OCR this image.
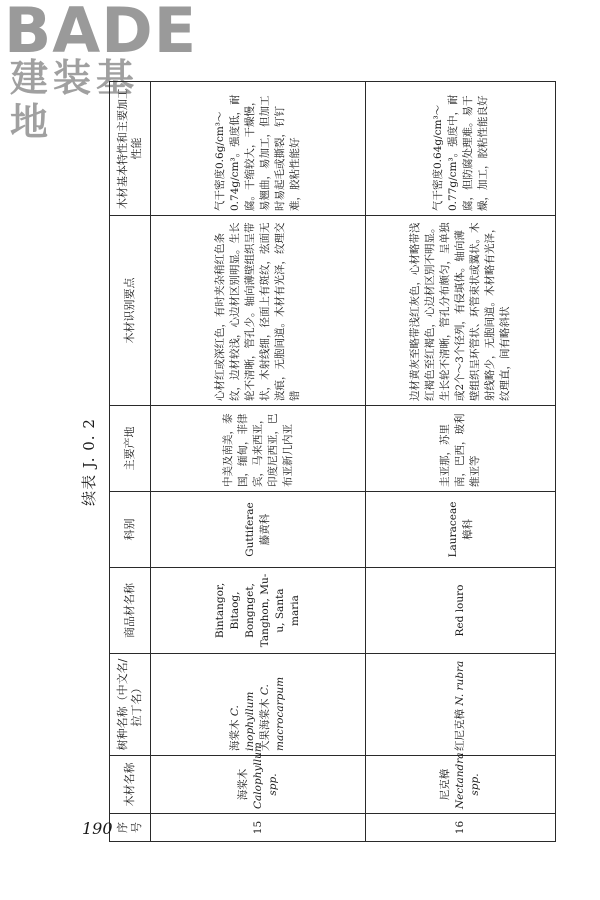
BADE
建装基地
续表 J. 0. 2
序号	木材名称	树种名称（中文名/拉丁名）	商品材名称	科别	主要产地	木材识别要点	木材基本特性和主要加工性能
15	海棠木 Calophyllum spp.	海棠木 C. inophyllum 大果海棠木 C. macrocarpum	Bintangor, Bitaog, Bongnget, Tanghon, Mu-u, Santa maria	Guttiferae 藤黄科	中美及南美，泰国，缅甸，菲律宾，马来西亚，印度尼西亚，巴布亚新几内亚	心材红或深红色，有时夹杂稍红色条纹，边材较浅，心边材区别明显。生长轮不清晰，管孔少。轴向薄壁组织呈带状，木射线细，径面上有斑纹，弦面无波痕，无胞间道。木材有光泽，纹理交错	气干密度0.6g/cm³～0.74g/cm³。强度低，耐腐。干缩较大，干燥慢，易翘曲，易加工，但加工时易起毛或撕裂，钉钉难，胶粘性能好
16	尼克樟 Nectandra spp.	红尼克樟 N. rubra	Red louro	Lauraceae 樟科	圭亚那，苏里南，巴西，玻利维亚等	边材黄灰至略带浅红灰色，心材略带浅红褐色至红褐色，心边材区别不明显。生长轮不清晰，管孔分布颇匀，呈单独或2个～3个径列，有侵填体。轴向薄壁组织呈环管状、环管束状或翼状。木射线略少，无胞间道。木材略有光泽，纹理直，间有略斜状	气干密度0.64g/cm³～0.77g/cm³。强度中，耐腐，但防腐处理难。易干燥，加工，胶粘性能良好
190
